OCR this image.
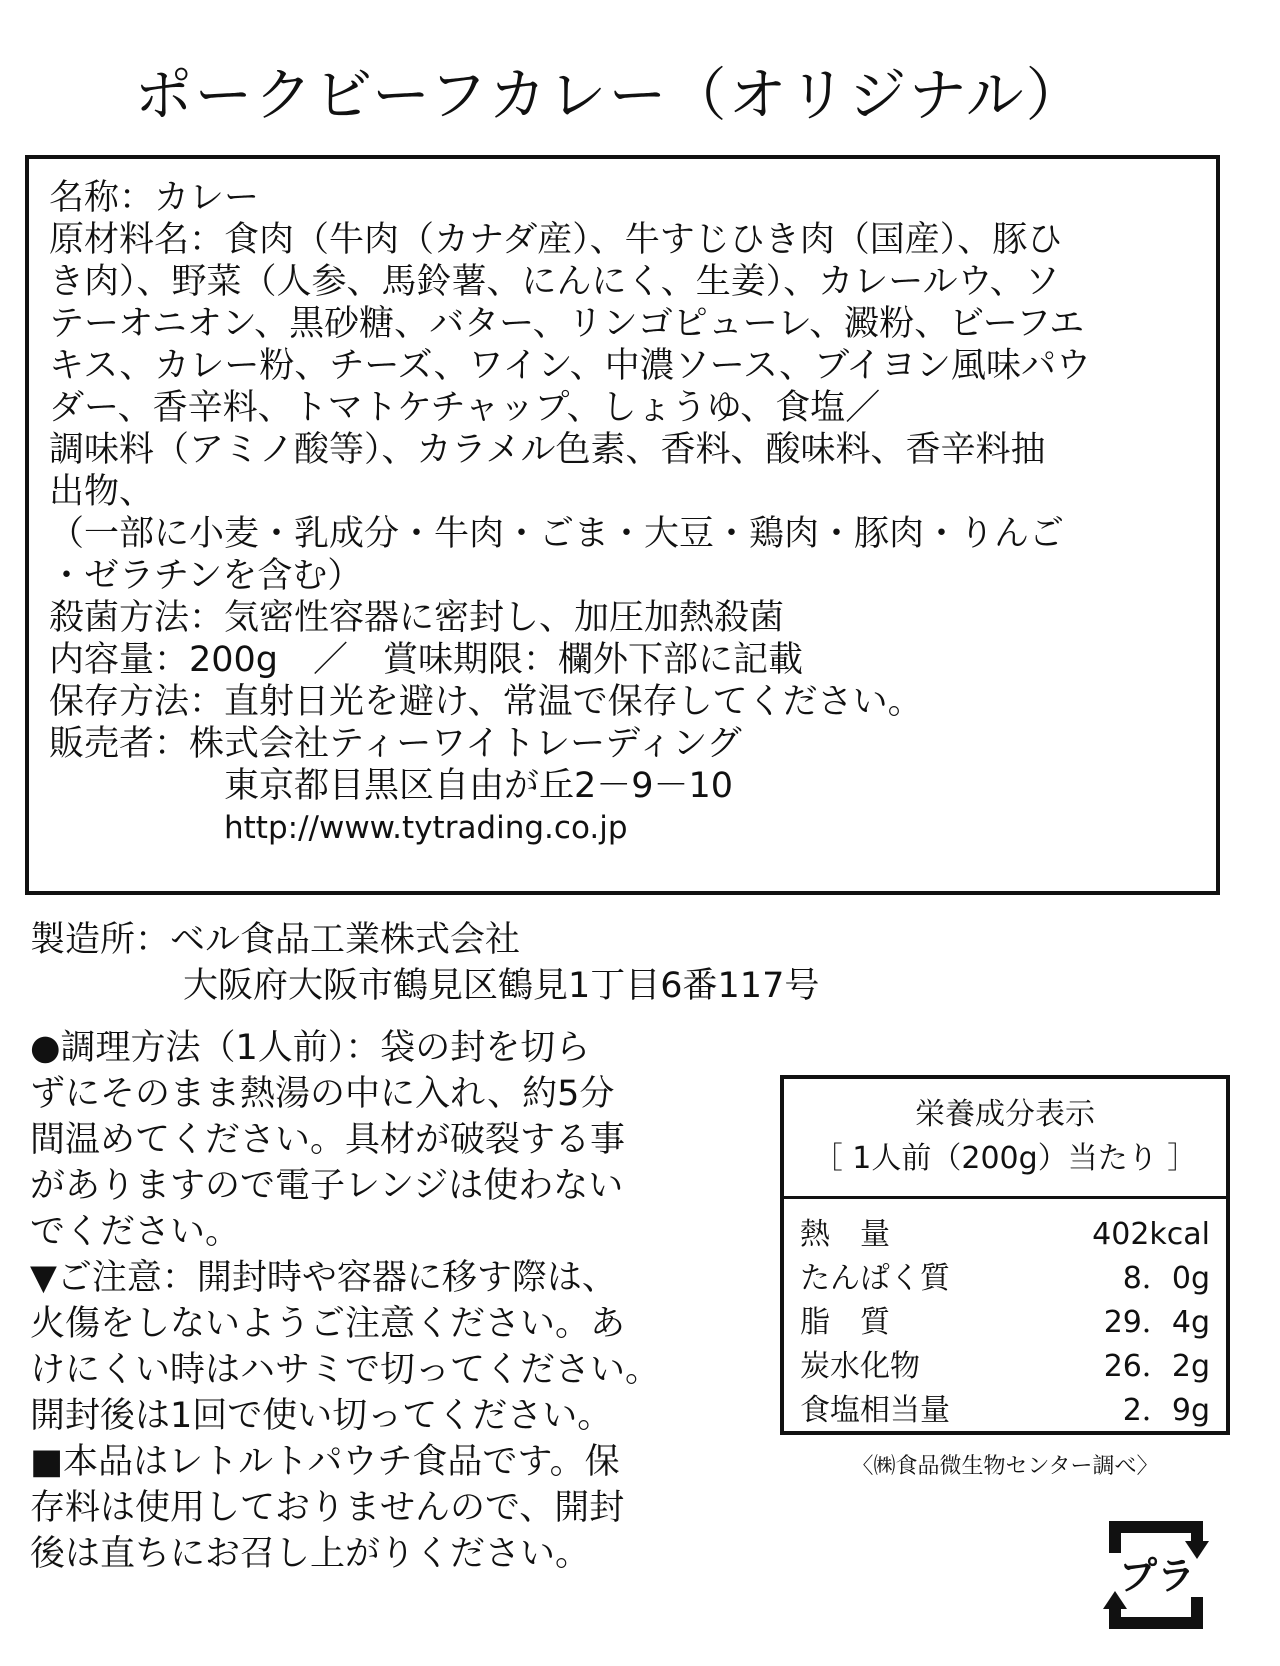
ポークビーフカレー（オリジナル）
名称：カレー
原材料名：食肉（牛肉（カナダ産）、牛すじひき肉（国産）、豚ひ
き肉）、野菜（人参、馬鈴薯、にんにく、生姜）、カレールウ、ソ
テーオニオン、黒砂糖、バター、リンゴピューレ、澱粉、ビーフエ
キス、カレー粉、チーズ、ワイン、中濃ソース、ブイヨン風味パウ
ダー、香辛料、トマトケチャップ、しょうゆ、食塩／
調味料（アミノ酸等）、カラメル色素、香料、酸味料、香辛料抽
出物、
（一部に小麦・乳成分・牛肉・ごま・大豆・鶏肉・豚肉・りんご
・ゼラチンを含む）
殺菌方法：気密性容器に密封し、加圧加熱殺菌
内容量：200g　／　賞味期限：欄外下部に記載
保存方法：直射日光を避け、常温で保存してください。
販売者：株式会社ティーワイトレーディング
東京都目黒区自由が丘2－9－10
http://www.tytrading.co.jp
製造所：ベル食品工業株式会社
大阪府大阪市鶴見区鶴見1丁目6番117号
●調理方法（1人前）：袋の封を切ら
ずにそのまま熱湯の中に入れ、約5分
間温めてください。具材が破裂する事
がありますので電子レンジは使わない
でください。
▼ご注意：開封時や容器に移す際は、
火傷をしないようご注意ください。あ
けにくい時はハサミで切ってください。
開封後は1回で使い切ってください。
■本品はレトルトパウチ食品です。保
存料は使用しておりませんので、開封
後は直ちにお召し上がりください。
栄養成分表示
［ 1人前（200g）当たり ］
熱　量	402kcal
たんぱく質	8．0g
脂　質	29．4g
炭水化物	26．2g
食塩相当量	2．9g
〈㈱食品微生物センター調べ〉
プラ
